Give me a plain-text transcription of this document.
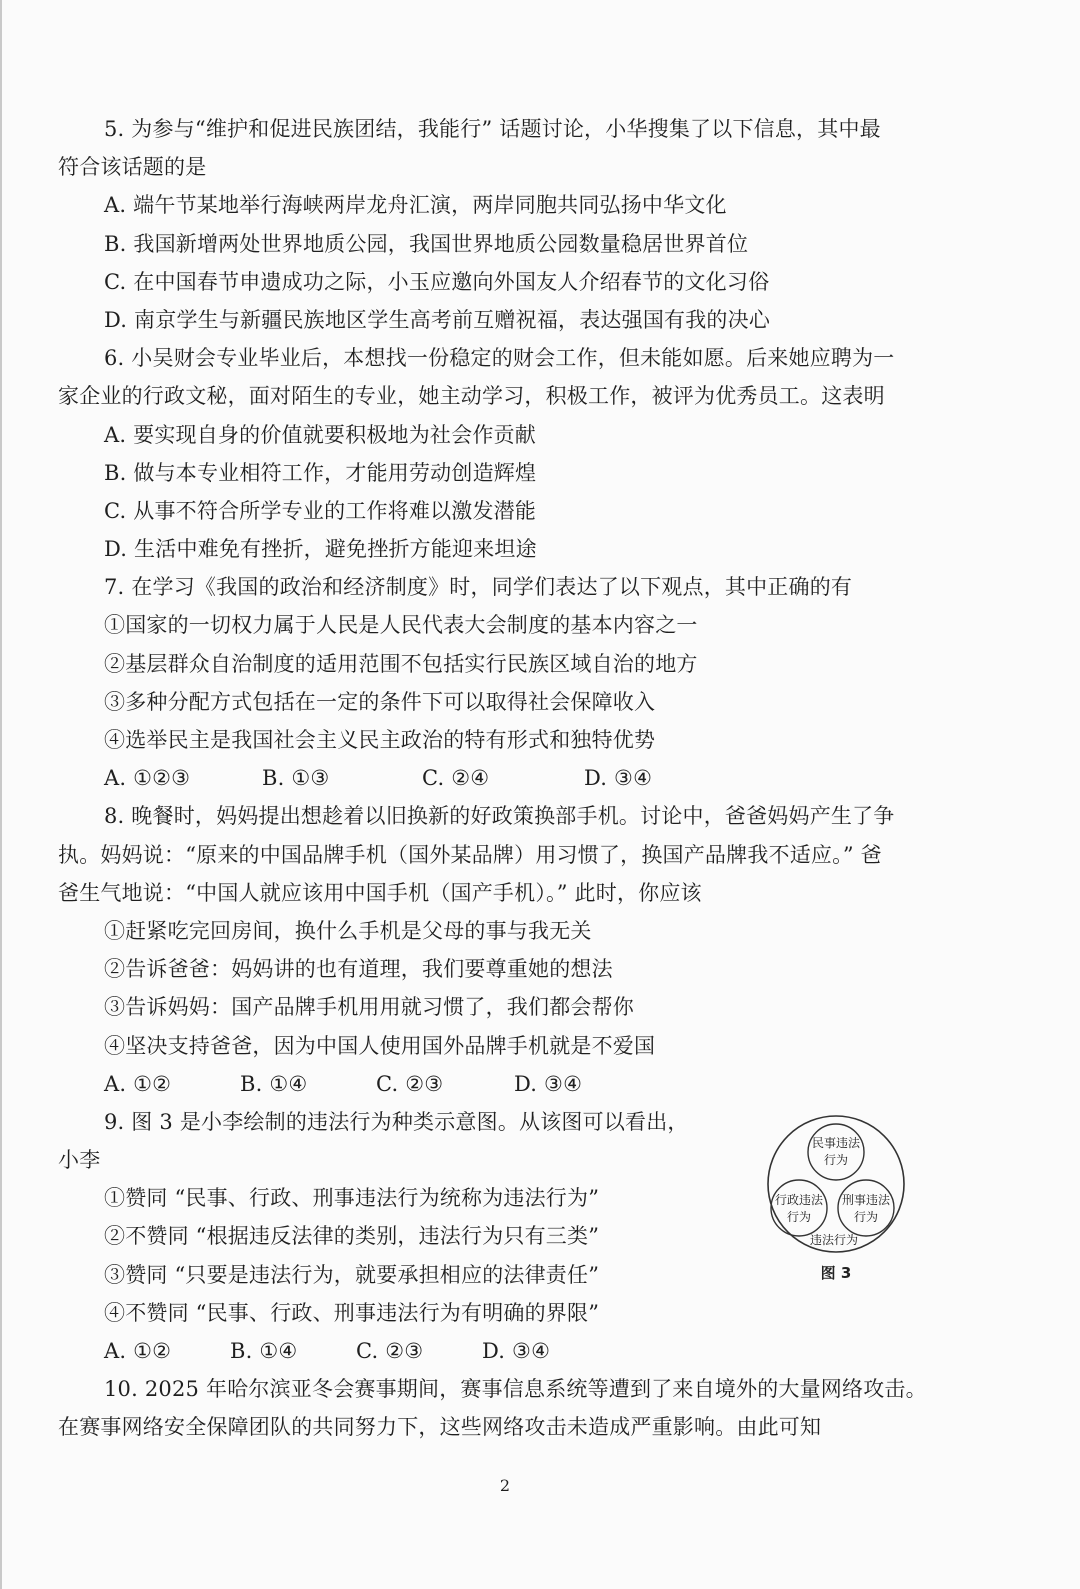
5. 为参与“维护和促进民族团结，我能行” 话题讨论，小华搜集了以下信息，其中最
符合该话题的是
A. 端午节某地举行海峡两岸龙舟汇演，两岸同胞共同弘扬中华文化
B. 我国新增两处世界地质公园，我国世界地质公园数量稳居世界首位
C. 在中国春节申遗成功之际，小玉应邀向外国友人介绍春节的文化习俗
D. 南京学生与新疆民族地区学生高考前互赠祝福，表达强国有我的决心
6. 小吴财会专业毕业后，本想找一份稳定的财会工作，但未能如愿。后来她应聘为一
家企业的行政文秘，面对陌生的专业，她主动学习，积极工作，被评为优秀员工。这表明
A. 要实现自身的价值就要积极地为社会作贡献
B. 做与本专业相符工作，才能用劳动创造辉煌
C. 从事不符合所学专业的工作将难以激发潜能
D. 生活中难免有挫折，避免挫折方能迎来坦途
7. 在学习《我国的政治和经济制度》时，同学们表达了以下观点，其中正确的有
①国家的一切权力属于人民是人民代表大会制度的基本内容之一
②基层群众自治制度的适用范围不包括实行民族区域自治的地方
③多种分配方式包括在一定的条件下可以取得社会保障收入
④选举民主是我国社会主义民主政治的特有形式和独特优势
A. ①②③	B. ①③	C. ②④	D. ③④
8. 晚餐时，妈妈提出想趁着以旧换新的好政策换部手机。讨论中，爸爸妈妈产生了争
执。妈妈说：“原来的中国品牌手机（国外某品牌）用习惯了，换国产品牌我不适应。” 爸
爸生气地说：“中国人就应该用中国手机（国产手机）。” 此时，你应该
①赶紧吃完回房间，换什么手机是父母的事与我无关
②告诉爸爸：妈妈讲的也有道理，我们要尊重她的想法
③告诉妈妈：国产品牌手机用用就习惯了，我们都会帮你
④坚决支持爸爸，因为中国人使用国外品牌手机就是不爱国
A. ①②	B. ①④	C. ②③	D. ③④
9. 图 3 是小李绘制的违法行为种类示意图。从该图可以看出，
小李
①赞同 “民事、行政、刑事违法行为统称为违法行为”
②不赞同 “根据违反法律的类别，违法行为只有三类”
③赞同 “只要是违法行为，就要承担相应的法律责任”
④不赞同 “民事、行政、刑事违法行为有明确的界限”
A. ①②	B. ①④	C. ②③	D. ③④
10. 2025 年哈尔滨亚冬会赛事期间，赛事信息系统等遭到了来自境外的大量网络攻击。
在赛事网络安全保障团队的共同努力下，这些网络攻击未造成严重影响。由此可知
民事违法
行为
行政违法
行为
刑事违法
行为
违法行为
图 3
2
